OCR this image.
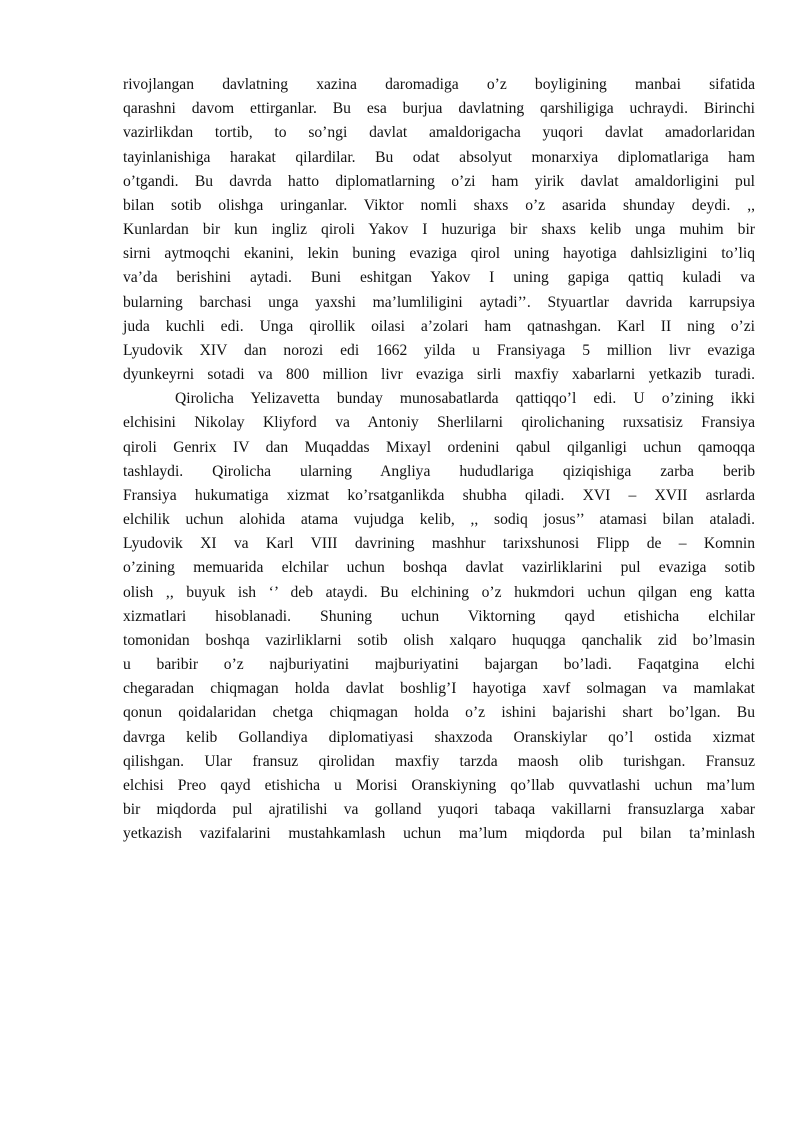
rivojlangan davlatning xazina daromadiga o’z boyligining manbai sifatida
qarashni davom ettirganlar. Bu esa burjua davlatning qarshiligiga uchraydi. Birinchi
vazirlikdan tortib, to so’ngi davlat amaldorigacha yuqori davlat amadorlaridan
tayinlanishiga harakat qilardilar. Bu odat absolyut monarxiya diplomatlariga ham
o’tgandi. Bu davrda hatto diplomatlarning o’zi ham yirik davlat amaldorligini pul
bilan sotib olishga uringanlar. Viktor nomli shaxs o’z asarida shunday deydi. ,,
Kunlardan bir kun ingliz qiroli Yakov I huzuriga bir shaxs kelib unga muhim bir
sirni aytmoqchi ekanini, lekin buning evaziga qirol uning hayotiga dahlsizligini to’liq
va’da berishini aytadi. Buni eshitgan Yakov I uning gapiga qattiq kuladi va
bularning barchasi unga yaxshi ma’lumliligini aytadi’’. Styuartlar davrida karrupsiya
juda kuchli edi. Unga qirollik oilasi a’zolari ham qatnashgan. Karl II ning o’zi
Lyudovik XIV dan norozi edi 1662 yilda u Fransiyaga 5 million livr evaziga
dyunkeyrni sotadi va 800 million livr evaziga sirli maxfiy xabarlarni yetkazib turadi.
Qirolicha Yelizavetta bunday munosabatlarda qattiqqo’l edi. U o’zining ikki
elchisini Nikolay Kliyford va Antoniy Sherlilarni qirolichaning ruxsatisiz Fransiya
qiroli Genrix IV dan Muqaddas Mixayl ordenini qabul qilganligi uchun qamoqqa
tashlaydi. Qirolicha ularning Angliya hududlariga qiziqishiga zarba berib
Fransiya hukumatiga xizmat ko’rsatganlikda shubha qiladi. XVI – XVII asrlarda
elchilik uchun alohida atama vujudga kelib, ,, sodiq josus’’ atamasi bilan ataladi.
Lyudovik XI va Karl VIII davrining mashhur tarixshunosi Flipp de – Komnin
o’zining memuarida elchilar uchun boshqa davlat vazirliklarini pul evaziga sotib
olish ,, buyuk ish ‘’ deb ataydi. Bu elchining o’z hukmdori uchun qilgan eng katta
xizmatlari hisoblanadi. Shuning uchun Viktorning qayd etishicha elchilar
tomonidan boshqa vazirliklarni sotib olish xalqaro huquqga qanchalik zid bo’lmasin
u baribir o’z najburiyatini majburiyatini bajargan bo’ladi. Faqatgina elchi
chegaradan chiqmagan holda davlat boshlig’I hayotiga xavf solmagan va mamlakat
qonun qoidalaridan chetga chiqmagan holda o’z ishini bajarishi shart bo’lgan. Bu
davrga kelib Gollandiya diplomatiyasi shaxzoda Oranskiylar qo’l ostida xizmat
qilishgan. Ular fransuz qirolidan maxfiy tarzda maosh olib turishgan. Fransuz
elchisi Preo qayd etishicha u Morisi Oranskiyning qo’llab quvvatlashi uchun ma’lum
bir miqdorda pul ajratilishi va golland yuqori tabaqa vakillarni fransuzlarga xabar
yetkazish vazifalarini mustahkamlash uchun ma’lum miqdorda pul bilan ta’minlash
